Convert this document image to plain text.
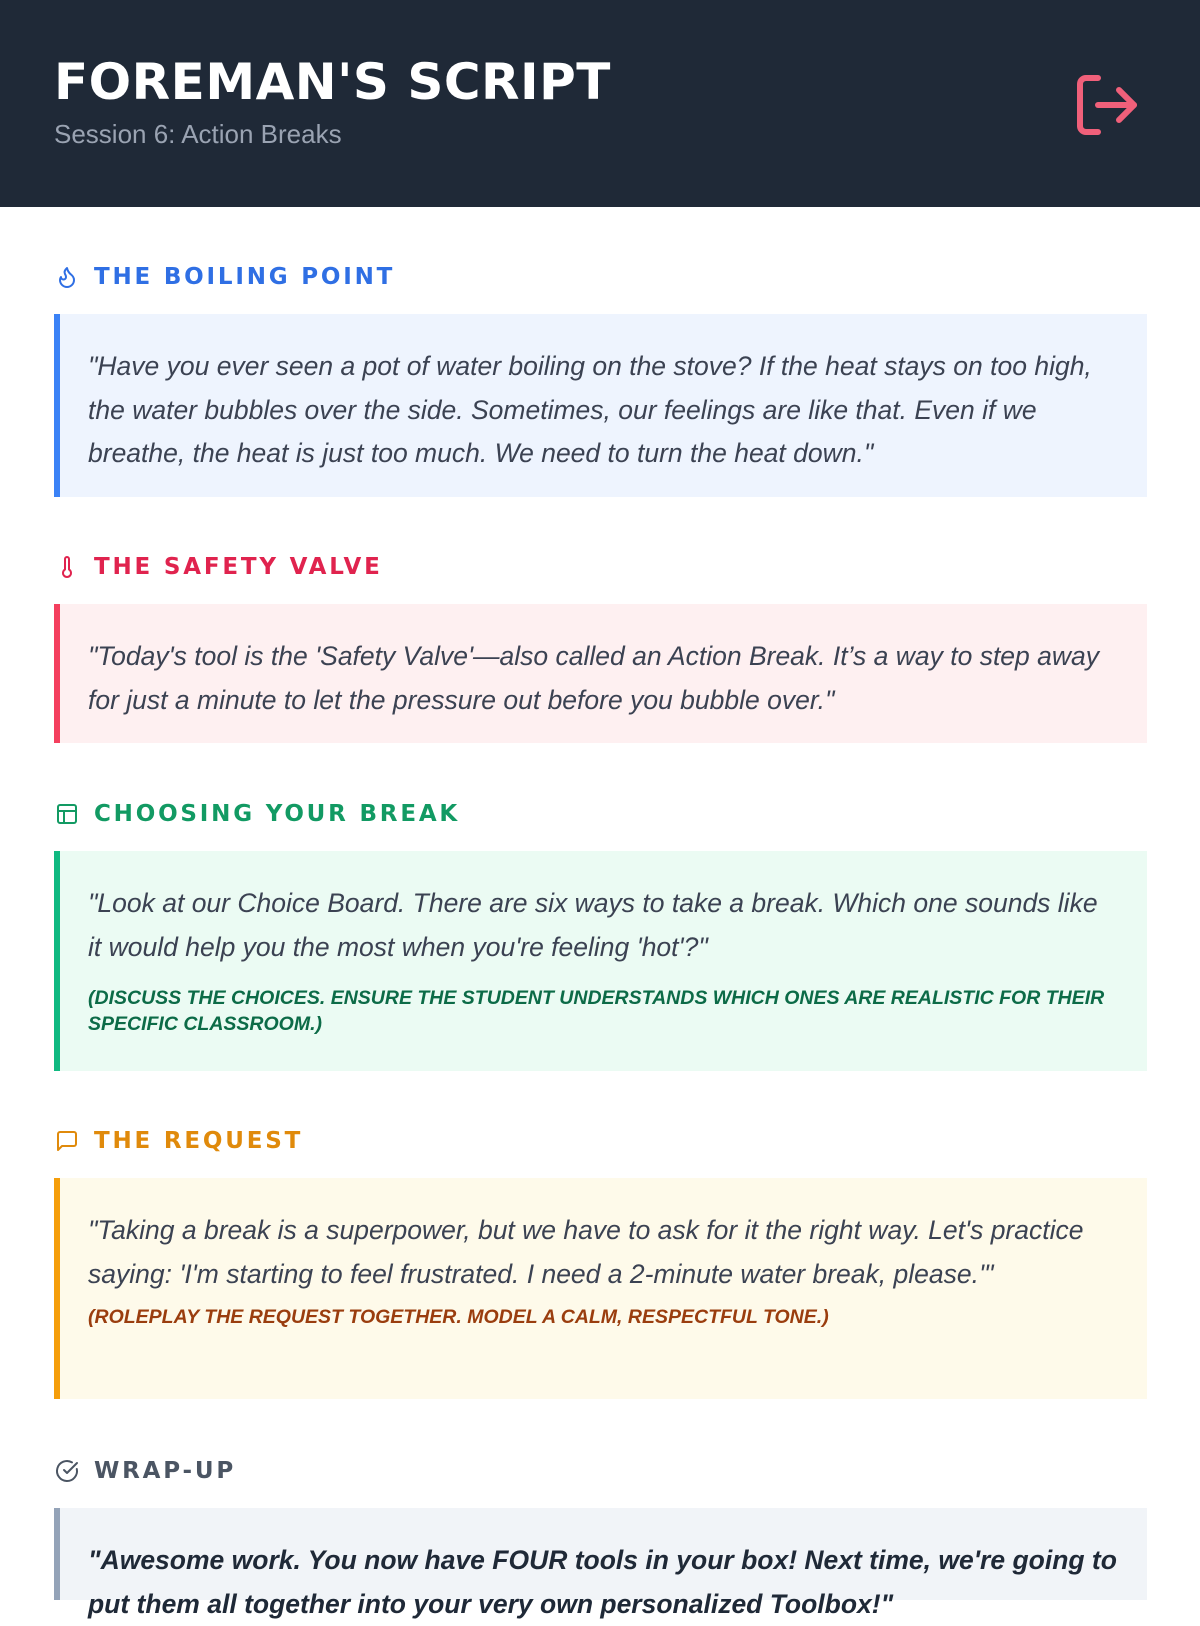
FOREMAN'S SCRIPT
Session 6: Action Breaks
THE BOILING POINT
"Have you ever seen a pot of water boiling on the stove? If the heat stays on too high, the water bubbles over the side. Sometimes, our feelings are like that. Even if we breathe, the heat is just too much. We need to turn the heat down."
THE SAFETY VALVE
"Today's tool is the 'Safety Valve'—also called an Action Break. It’s a way to step away for just a minute to let the pressure out before you bubble over."
CHOOSING YOUR BREAK
"Look at our Choice Board. There are six ways to take a break. Which one sounds like it would help you the most when you're feeling 'hot'?"
(DISCUSS THE CHOICES. ENSURE THE STUDENT UNDERSTANDS WHICH ONES ARE REALISTIC FOR THEIR SPECIFIC CLASSROOM.)
THE REQUEST
"Taking a break is a superpower, but we have to ask for it the right way. Let's practice saying: 'I'm starting to feel frustrated. I need a 2-minute water break, please.'"
(ROLEPLAY THE REQUEST TOGETHER. MODEL A CALM, RESPECTFUL TONE.)
WRAP-UP
"Awesome work. You now have FOUR tools in your box! Next time, we're going to put them all together into your very own personalized Toolbox!"
